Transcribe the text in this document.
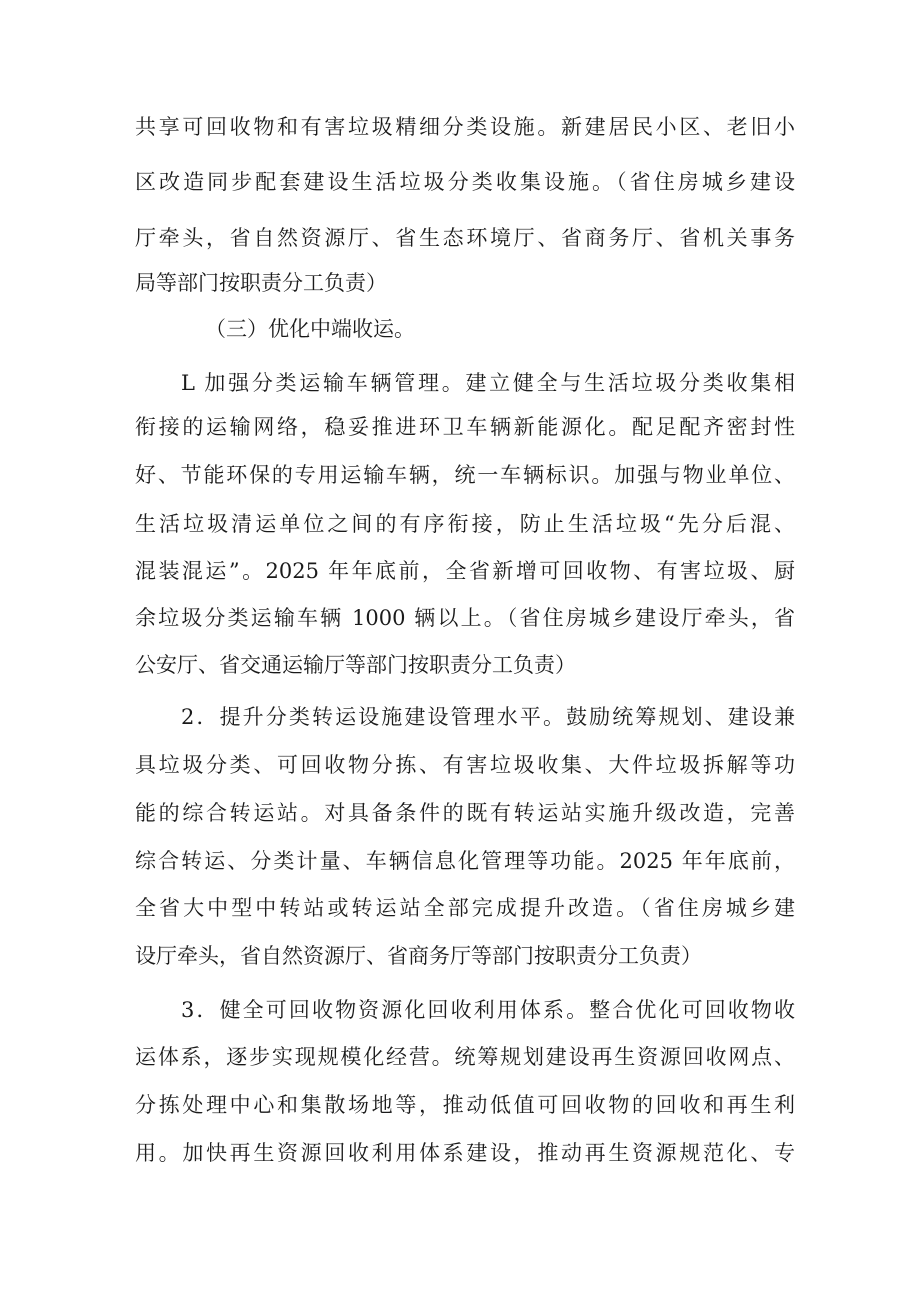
共享可回收物和有害垃圾精细分类设施。新建居民小区、老旧小
区改造同步配套建设生活垃圾分类收集设施。（省住房城乡建设
厅牵头，省自然资源厅、省生态环境厅、省商务厅、省机关事务
局等部门按职责分工负责）
（三）优化中端收运。
L 加强分类运输车辆管理。建立健全与生活垃圾分类收集相
衔接的运输网络，稳妥推进环卫车辆新能源化。配足配齐密封性
好、节能环保的专用运输车辆，统一车辆标识。加强与物业单位、
生活垃圾清运单位之间的有序衔接，防止生活垃圾“先分后混、
混装混运”。2025 年年底前，全省新增可回收物、有害垃圾、厨
余垃圾分类运输车辆 1000 辆以上。（省住房城乡建设厅牵头，省
公安厅、省交通运输厅等部门按职责分工负责）
2．提升分类转运设施建设管理水平。鼓励统筹规划、建设兼
具垃圾分类、可回收物分拣、有害垃圾收集、大件垃圾拆解等功
能的综合转运站。对具备条件的既有转运站实施升级改造，完善
综合转运、分类计量、车辆信息化管理等功能。2025 年年底前，
全省大中型中转站或转运站全部完成提升改造。（省住房城乡建
设厅牵头，省自然资源厅、省商务厅等部门按职责分工负责）
3．健全可回收物资源化回收利用体系。整合优化可回收物收
运体系，逐步实现规模化经营。统筹规划建设再生资源回收网点、
分拣处理中心和集散场地等，推动低值可回收物的回收和再生利
用。加快再生资源回收利用体系建设，推动再生资源规范化、专
